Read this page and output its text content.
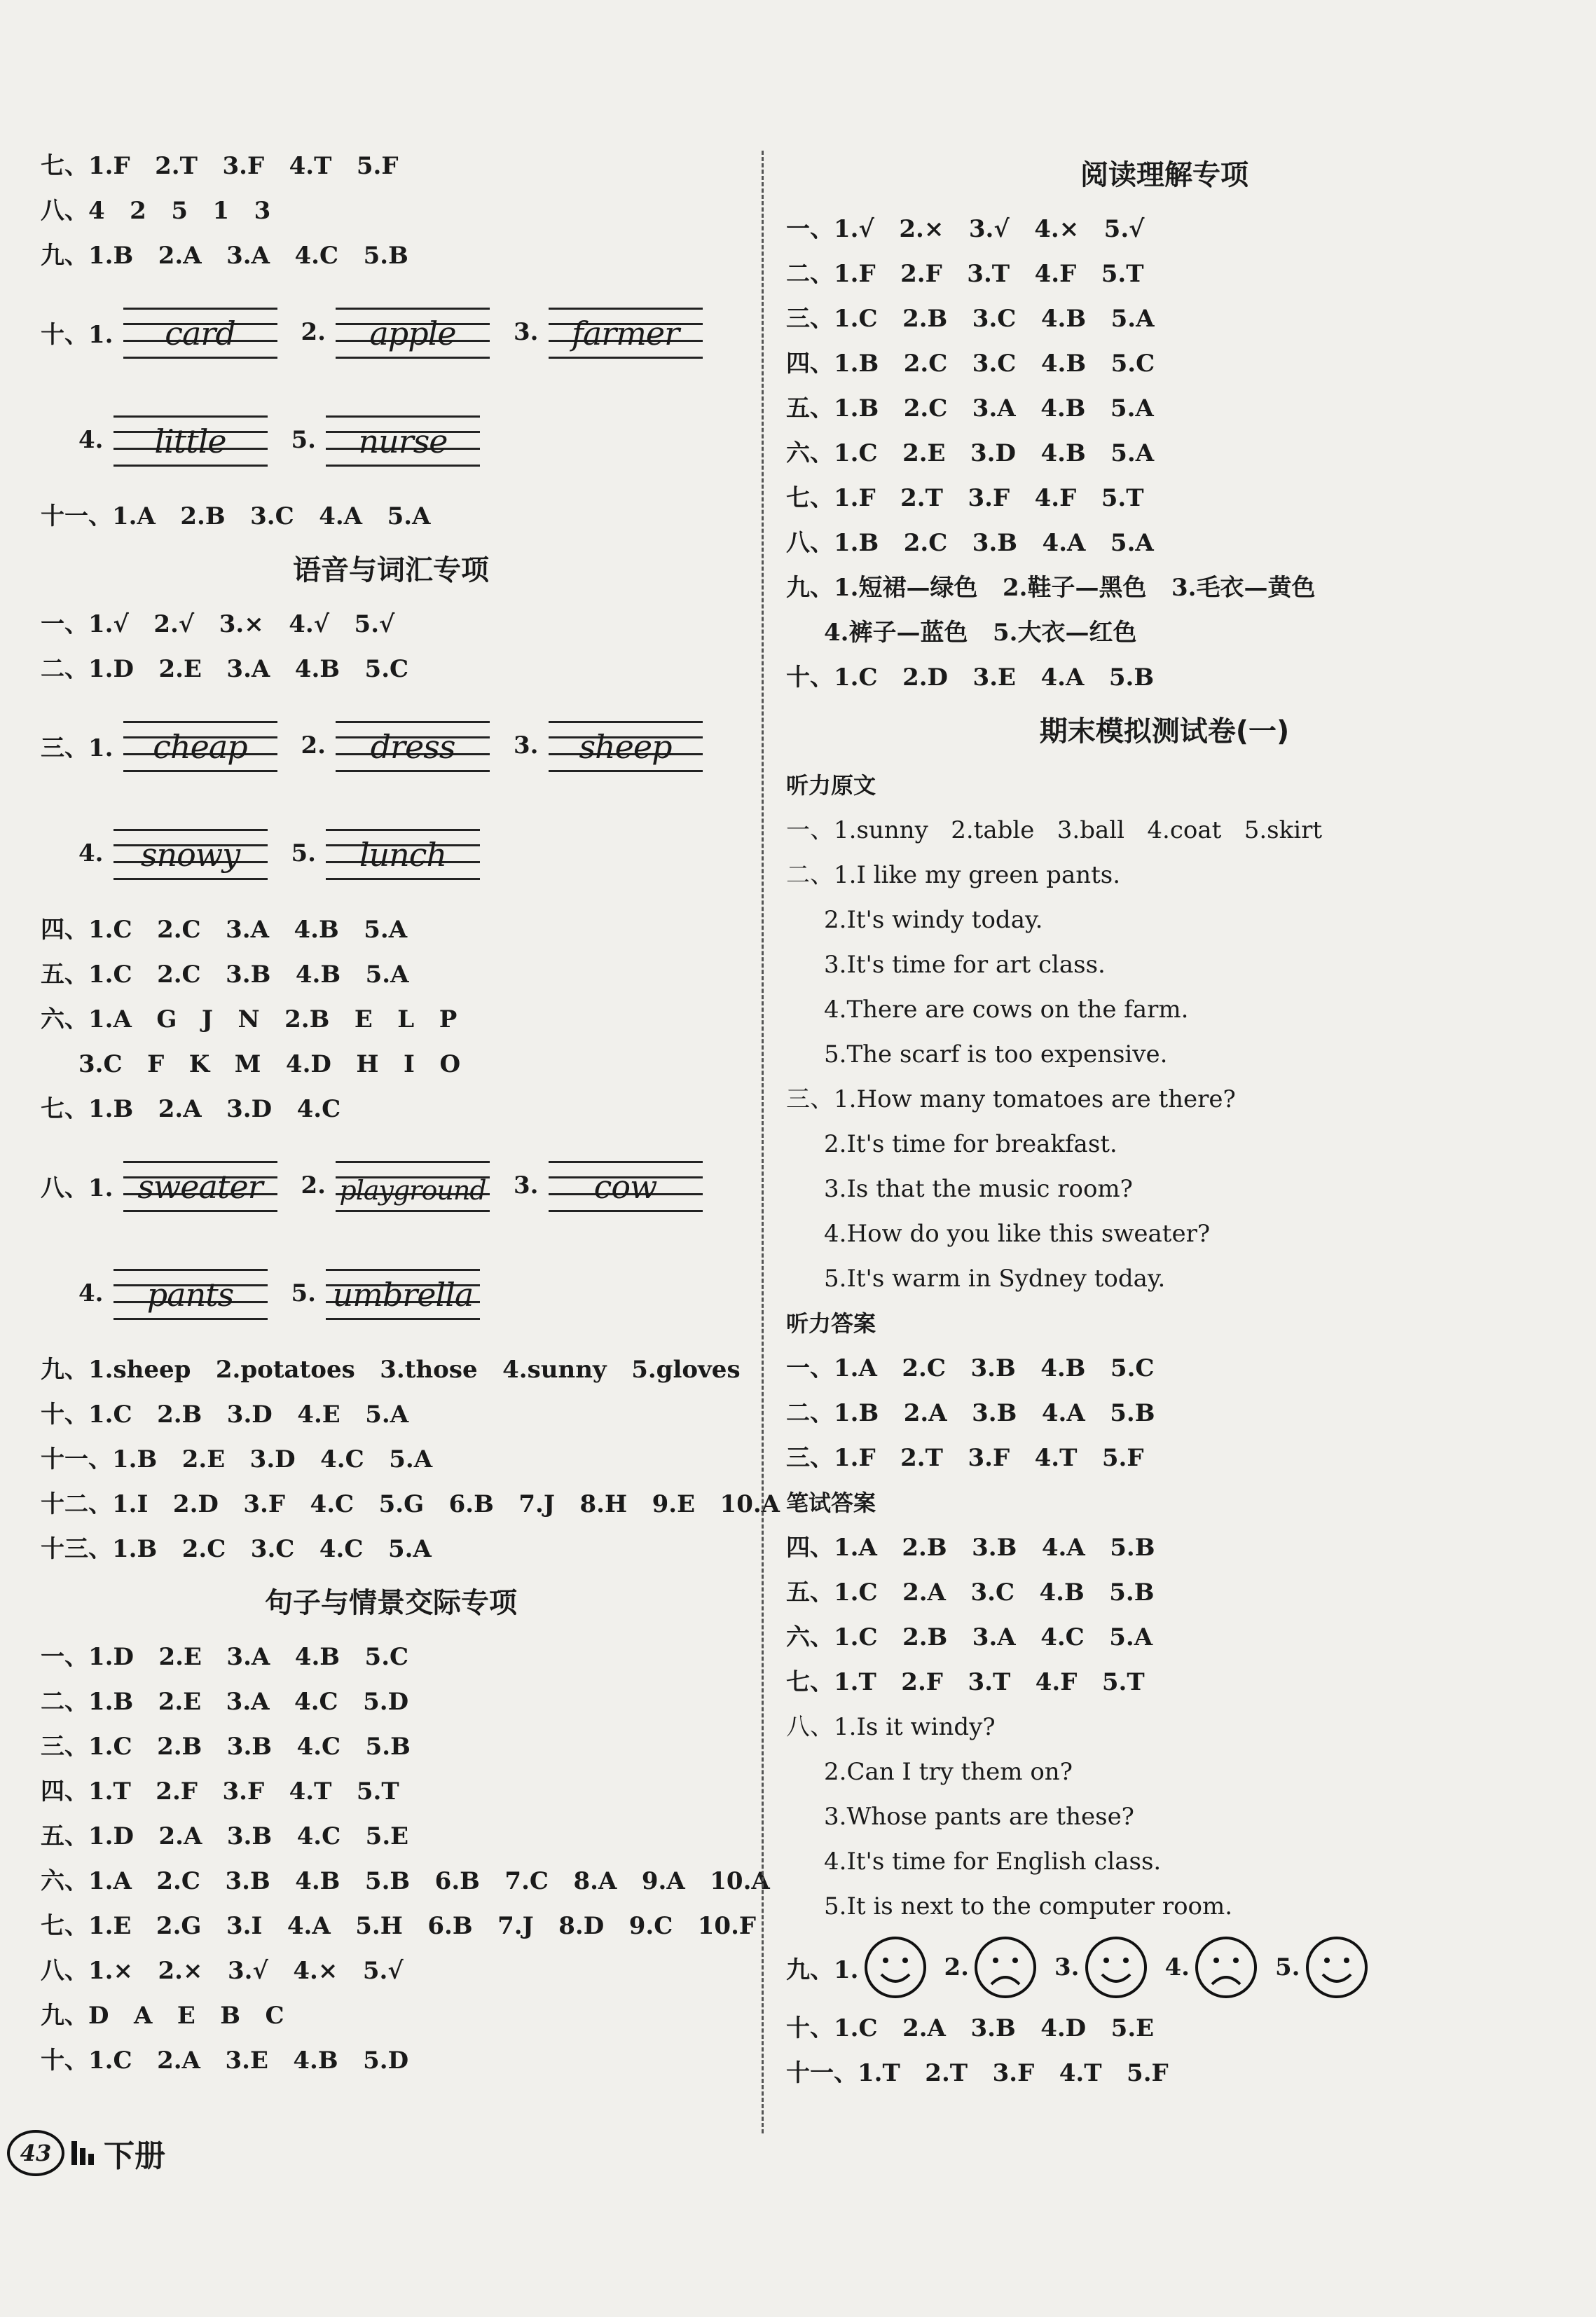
七、1.F   2.T   3.F   4.T   5.F
八、4   2   5   1   3
九、1.B   2.A   3.A   4.C   5.B
十、1.	card	2.	apple	3.	farmer
4.	little	5.	nurse
十一、1.A   2.B   3.C   4.A   5.A
语音与词汇专项
一、1.√   2.√   3.×   4.√   5.√
二、1.D   2.E   3.A   4.B   5.C
三、1.	cheap	2.	dress	3.	sheep
4.	snowy	5.	lunch
四、1.C   2.C   3.A   4.B   5.A
五、1.C   2.C   3.B   4.B   5.A
六、1.A   G   J   N   2.B   E   L   P
3.C   F   K   M   4.D   H   I   O
七、1.B   2.A   3.D   4.C
八、1. sweater	2. playground 3.	cow
4.	pants	5. umbrella
九、1.sheep   2.potatoes   3.those   4.sunny   5.gloves
十、1.C   2.B   3.D   4.E   5.A
十一、1.B   2.E   3.D   4.C   5.A
十二、1.I   2.D   3.F   4.C   5.G   6.B   7.J   8.H   9.E   10.A
十三、1.B   2.C   3.C   4.C   5.A
句子与情景交际专项
一、1.D   2.E   3.A   4.B   5.C
二、1.B   2.E   3.A   4.C   5.D
三、1.C   2.B   3.B   4.C   5.B
四、1.T   2.F   3.F   4.T   5.T
五、1.D   2.A   3.B   4.C   5.E
六、1.A   2.C   3.B   4.B   5.B   6.B   7.C   8.A   9.A   10.A
七、1.E   2.G   3.I   4.A   5.H   6.B   7.J   8.D   9.C   10.F
八、1.×   2.×   3.√   4.×   5.√
九、D   A   E   B   C
十、1.C   2.A   3.E   4.B   5.D
阅读理解专项
一、1.√   2.×   3.√   4.×   5.√
二、1.F   2.F   3.T   4.F   5.T
三、1.C   2.B   3.C   4.B   5.A
四、1.B   2.C   3.C   4.B   5.C
五、1.B   2.C   3.A   4.B   5.A
六、1.C   2.E   3.D   4.B   5.A
七、1.F   2.T   3.F   4.F   5.T
八、1.B   2.C   3.B   4.A   5.A
九、1.短裙—绿色   2.鞋子—黑色   3.毛衣—黄色
4.裤子—蓝色   5.大衣—红色
十、1.C   2.D   3.E   4.A   5.B
期末模拟测试卷(一)
听力原文
一、1.sunny   2.table   3.ball   4.coat   5.skirt
二、1.I like my green pants.
2.It's windy today.
3.It's time for art class.
4.There are cows on the farm.
5.The scarf is too expensive.
三、1.How many tomatoes are there?
2.It's time for breakfast.
3.Is that the music room?
4.How do you like this sweater?
5.It's warm in Sydney today.
听力答案
一、1.A   2.C   3.B   4.B   5.C
二、1.B   2.A   3.B   4.A   5.B
三、1.F   2.T   3.F   4.T   5.F
笔试答案
四、1.A   2.B   3.B   4.A   5.B
五、1.C   2.A   3.C   4.B   5.B
六、1.C   2.B   3.A   4.C   5.A
七、1.T   2.F   3.T   4.F   5.T
八、1.Is it windy?
2.Can I try them on?
3.Whose pants are these?
4.It's time for English class.
5.It is next to the computer room.
九、1.	2.	3.	4.	5.
十、1.C   2.A   3.B   4.D   5.E
十一、1.T   2.T   3.F   4.T   5.F
43	下册
